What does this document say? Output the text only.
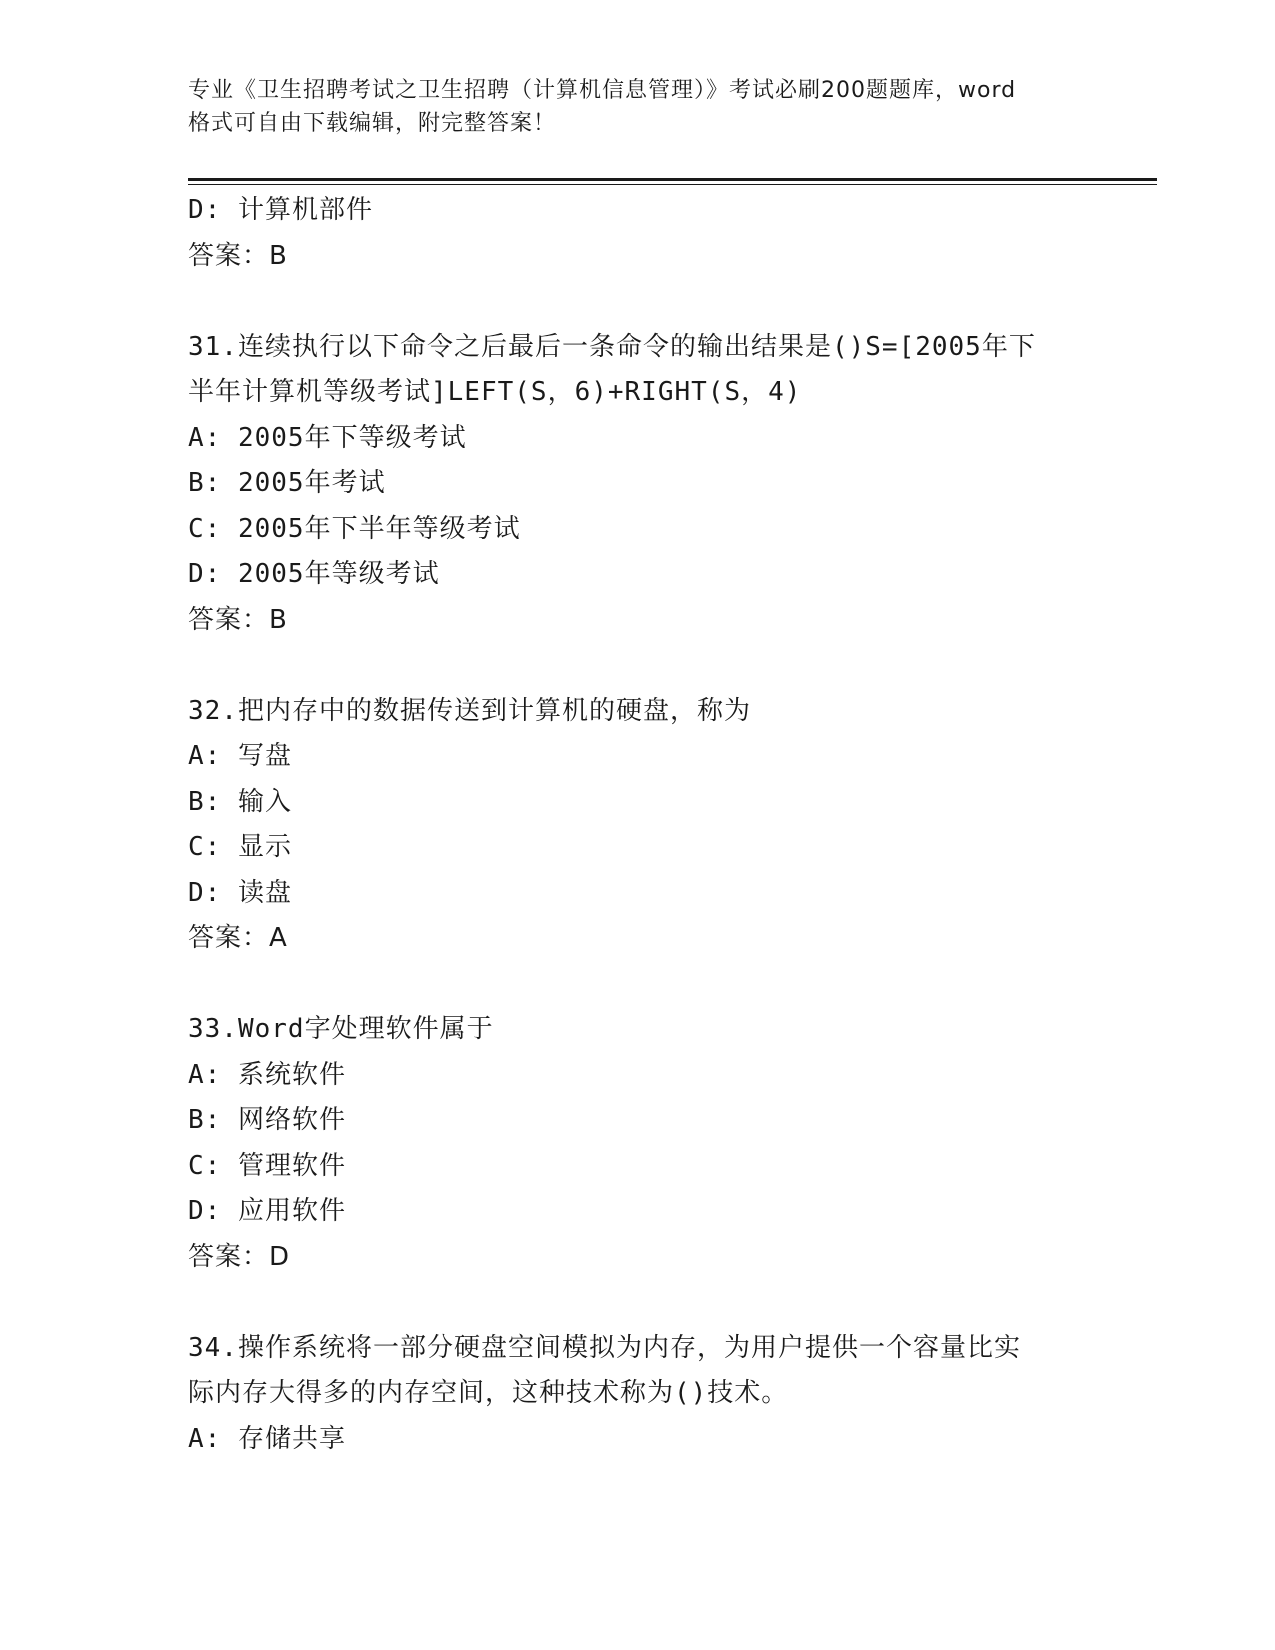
专业《卫生招聘考试之卫生招聘（计算机信息管理）》考试必刷200题题库，word
格式可自由下载编辑，附完整答案！
D: 计算机部件
答案：B
31.连续执行以下命令之后最后一条命令的输出结果是()S=[2005年下
半年计算机等级考试]LEFT(S，6)+RIGHT(S，4)
A: 2005年下等级考试
B: 2005年考试
C: 2005年下半年等级考试
D: 2005年等级考试
答案：B
32.把内存中的数据传送到计算机的硬盘，称为
A: 写盘
B: 输入
C: 显示
D: 读盘
答案：A
33.Word字处理软件属于
A: 系统软件
B: 网络软件
C: 管理软件
D: 应用软件
答案：D
34.操作系统将一部分硬盘空间模拟为内存，为用户提供一个容量比实
际内存大得多的内存空间，这种技术称为()技术。
A: 存储共享
